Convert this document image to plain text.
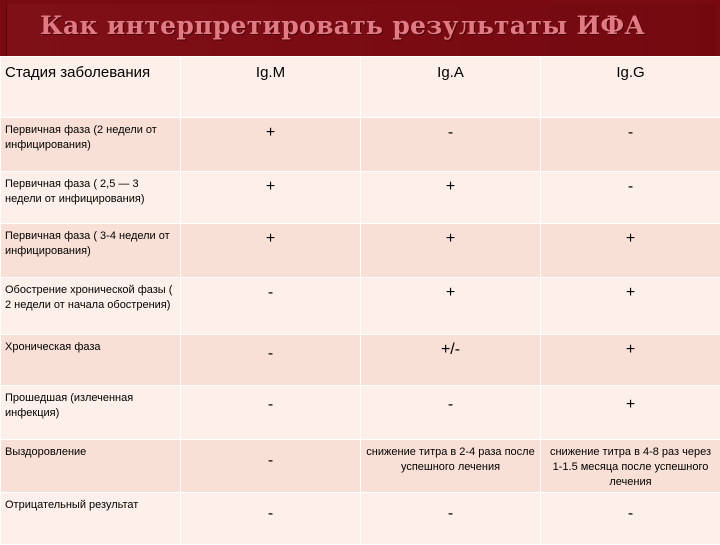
Как интерпретировать результаты ИФА
Стадия заболевания	Ig.M	Ig.A	Ig.G
Первичная фаза (2 недели от инфицирования)	+	-	-
Первичная фаза ( 2,5 — 3 недели от инфицирования)	+	+	-
Первичная фаза ( 3-4 недели от инфицирования)	+	+	+
Обострение хронической фазы ( 2 недели от начала обострения)	-	+	+
Хроническая фаза	-	+/-	+
Прошедшая (излеченная инфекция)	-	-	+
Выздоровление	-	снижение титра в 2-4 раза после успешного лечения	снижение титра в 4-8 раз через 1-1.5 месяца после успешного лечения
Отрицательный результат	-	-	-
